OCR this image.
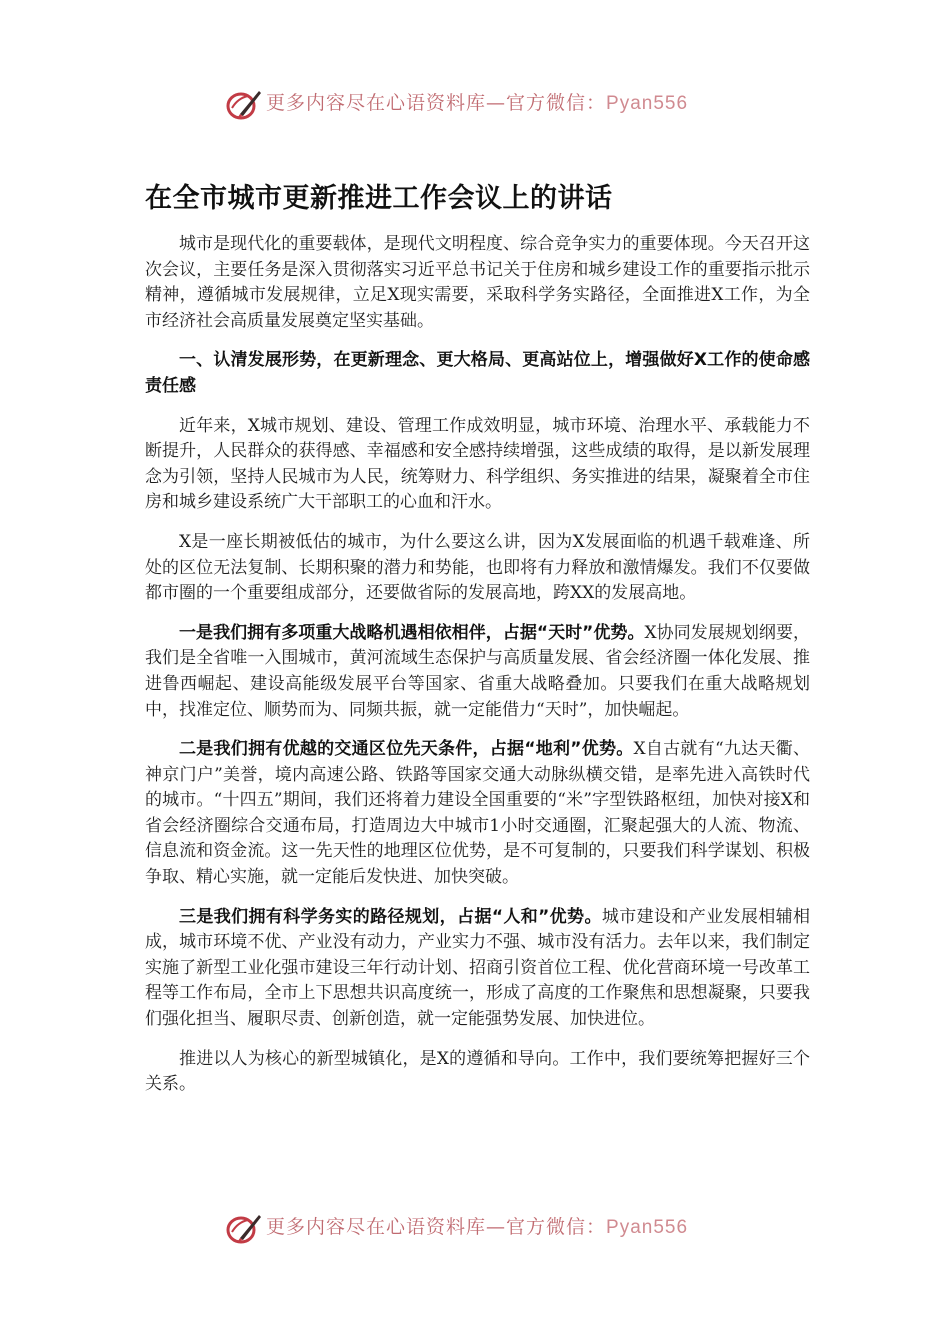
更多内容尽在心语资料库—官方微信：Pyan556
在全市城市更新推进工作会议上的讲话

城市是现代化的重要载体，是现代文明程度、综合竞争实力的重要体现。今天召开这次会议，主要任务是深入贯彻落实习近平总书记关于住房和城乡建设工作的重要指示批示精神，遵循城市发展规律，立足X现实需要，采取科学务实路径，全面推进X工作，为全市经济社会高质量发展奠定坚实基础。

一、认清发展形势，在更新理念、更大格局、更高站位上，增强做好X工作的使命感责任感

近年来，X城市规划、建设、管理工作成效明显，城市环境、治理水平、承载能力不断提升，人民群众的获得感、幸福感和安全感持续增强，这些成绩的取得，是以新发展理念为引领，坚持人民城市为人民，统筹财力、科学组织、务实推进的结果，凝聚着全市住房和城乡建设系统广大干部职工的心血和汗水。

X是一座长期被低估的城市，为什么要这么讲，因为X发展面临的机遇千载难逢、所处的区位无法复制、长期积聚的潜力和势能，也即将有力释放和激情爆发。我们不仅要做都市圈的一个重要组成部分，还要做省际的发展高地，跨XX的发展高地。

一是我们拥有多项重大战略机遇相依相伴，占据“天时”优势。X协同发展规划纲要，我们是全省唯一入围城市，黄河流域生态保护与高质量发展、省会经济圈一体化发展、推进鲁西崛起、建设高能级发展平台等国家、省重大战略叠加。只要我们在重大战略规划中，找准定位、顺势而为、同频共振，就一定能借力“天时”，加快崛起。

二是我们拥有优越的交通区位先天条件，占据“地利”优势。X自古就有“九达天衢、神京门户”美誉，境内高速公路、铁路等国家交通大动脉纵横交错，是率先进入高铁时代的城市。“十四五”期间，我们还将着力建设全国重要的“米”字型铁路枢纽，加快对接X和省会经济圈综合交通布局，打造周边大中城市1小时交通圈，汇聚起强大的人流、物流、信息流和资金流。这一先天性的地理区位优势，是不可复制的，只要我们科学谋划、积极争取、精心实施，就一定能后发快进、加快突破。

三是我们拥有科学务实的路径规划，占据“人和”优势。城市建设和产业发展相辅相成，城市环境不优、产业没有动力，产业实力不强、城市没有活力。去年以来，我们制定实施了新型工业化强市建设三年行动计划、招商引资首位工程、优化营商环境一号改革工程等工作布局，全市上下思想共识高度统一，形成了高度的工作聚焦和思想凝聚，只要我们强化担当、履职尽责、创新创造，就一定能强势发展、加快进位。

推进以人为核心的新型城镇化，是X的遵循和导向。工作中，我们要统筹把握好三个关系。

更多内容尽在心语资料库—官方微信：Pyan556
